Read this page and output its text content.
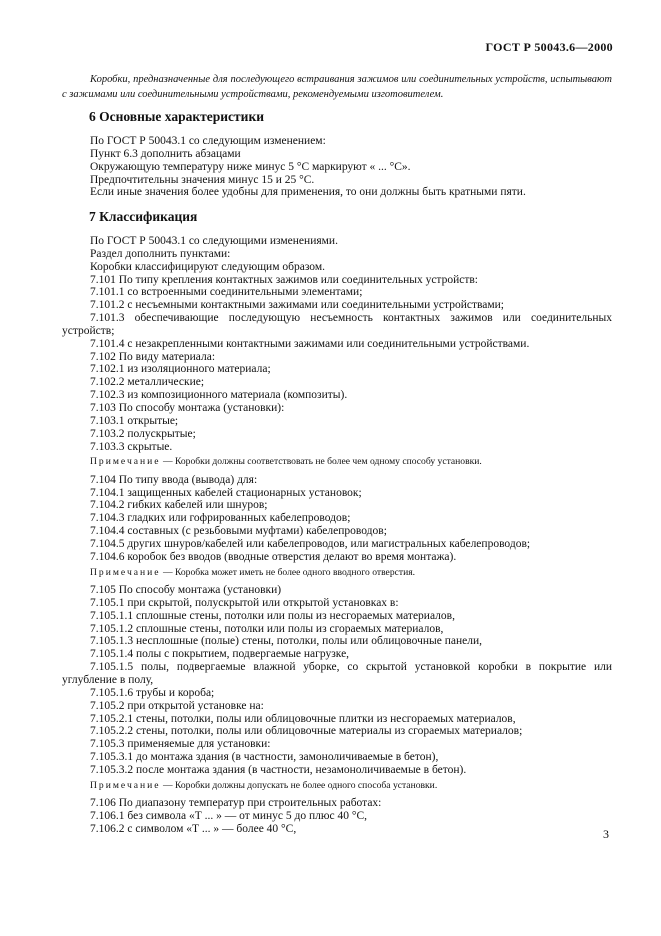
ГОСТ Р 50043.6—2000

Коробки, предназначенные для последующего встраивания зажимов или соединительных устройств, испытывают с зажимами или соединительными устройствами, рекомендуемыми изготовителем.

6 Основные характеристики

По ГОСТ Р 50043.1 со следующим изменением:

Пункт 6.3 дополнить абзацами

Окружающую температуру ниже минус 5 °С маркируют « ... °С».

Предпочтительны значения минус 15 и 25 °С.

Если иные значения более удобны для применения, то они должны быть кратными пяти.

7 Классификация

По ГОСТ Р 50043.1 со следующими изменениями.

Раздел дополнить пунктами:

Коробки классифицируют следующим образом.

7.101 По типу крепления контактных зажимов или соединительных устройств:

7.101.1 со встроенными соединительными элементами;

7.101.2 с несъемными контактными зажимами или соединительными устройствами;

7.101.3 обеспечивающие последующую несъемность контактных зажимов или соединительных устройств;

7.101.4 с незакрепленными контактными зажимами или соединительными устройствами.

7.102 По виду материала:

7.102.1 из изоляционного материала;

7.102.2 металлические;

7.102.3 из композиционного материала (композиты).

7.103 По способу монтажа (установки):

7.103.1 открытые;

7.103.2 полускрытые;

7.103.3 скрытые.

Примечание — Коробки должны соответствовать не более чем одному способу установки.

7.104 По типу ввода (вывода) для:

7.104.1 защищенных кабелей стационарных установок;

7.104.2 гибких кабелей или шнуров;

7.104.3 гладких или гофрированных кабелепроводов;

7.104.4 составных (с резьбовыми муфтами) кабелепроводов;

7.104.5 других шнуров/кабелей или кабелепроводов, или магистральных кабелепроводов;

7.104.6 коробок без вводов (вводные отверстия делают во время монтажа).

Примечание — Коробка может иметь не более одного вводного отверстия.

7.105 По способу монтажа (установки)

7.105.1 при скрытой, полускрытой или открытой установках в:

7.105.1.1 сплошные стены, потолки или полы из несгораемых материалов,

7.105.1.2 сплошные стены, потолки или полы из сгораемых материалов,

7.105.1.3 несплошные (полые) стены, потолки, полы или облицовочные панели,

7.105.1.4 полы с покрытием, подвергаемые нагрузке,

7.105.1.5 полы, подвергаемые влажной уборке, со скрытой установкой коробки в покрытие или углубление в полу,

7.105.1.6 трубы и короба;

7.105.2 при открытой установке на:

7.105.2.1 стены, потолки, полы или облицовочные плитки из несгораемых материалов,

7.105.2.2 стены, потолки, полы или облицовочные материалы из сгораемых материалов;

7.105.3 применяемые для установки:

7.105.3.1 до монтажа здания (в частности, замоноличиваемые в бетон),

7.105.3.2 после монтажа здания (в частности, незамоноличиваемые в бетон).

Примечание — Коробки должны допускать не более одного способа установки.

7.106 По диапазону температур при строительных работах:

7.106.1 без символа «Т ... » — от минус 5 до плюс 40 °С,

7.106.2 с символом «Т ... » — более 40 °С,	3
